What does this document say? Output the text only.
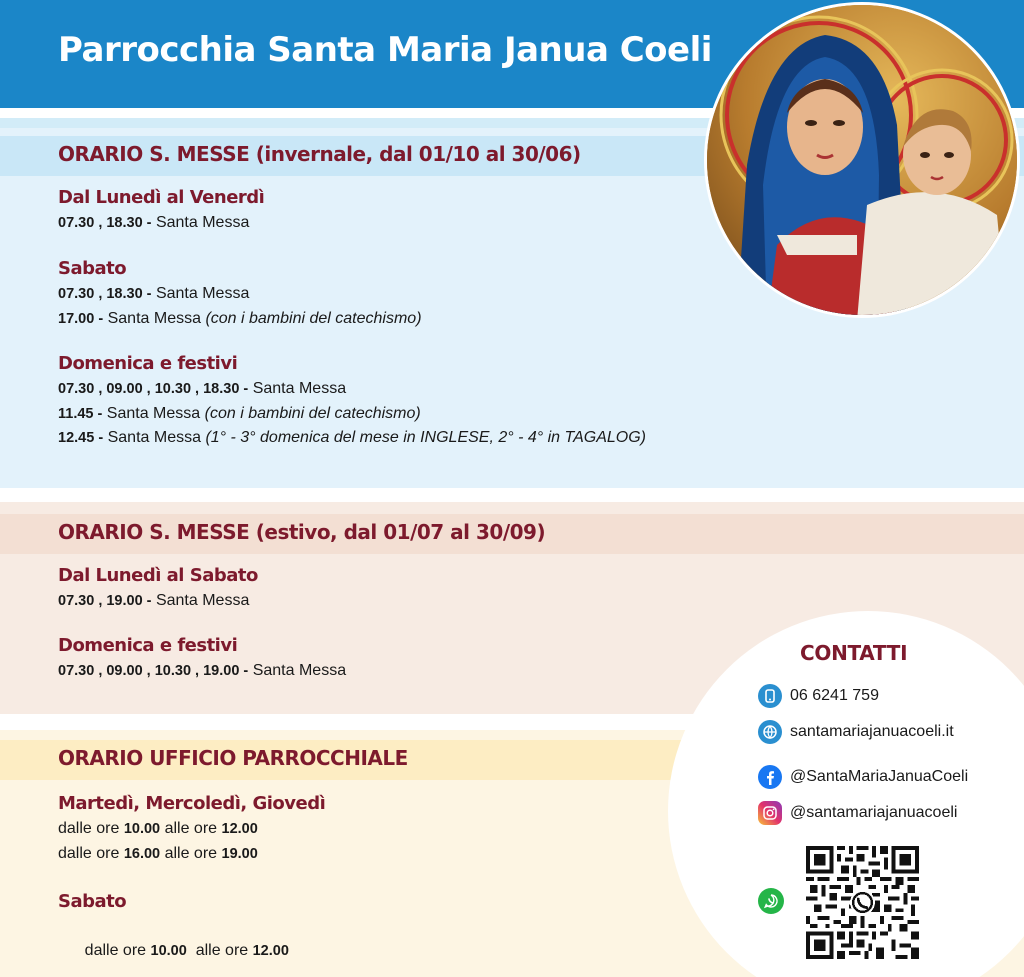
Parrocchia Santa Maria Janua Coeli
ORARIO S. MESSE (invernale, dal 01/10 al 30/06)
Dal Lunedì al Venerdì
07.30 , 18.30 - Santa Messa
Sabato
07.30 , 18.30 - Santa Messa
17.00 - Santa Messa (con i bambini del catechismo)
Domenica e festivi
07.30 , 09.00 , 10.30 , 18.30 - Santa Messa
11.45 - Santa Messa (con i bambini del catechismo)
12.45 - Santa Messa (1° - 3° domenica del mese in INGLESE, 2° - 4° in TAGALOG)
ORARIO S. MESSE (estivo, dal 01/07 al 30/09)
Dal Lunedì al Sabato
07.30 , 19.00 - Santa Messa
Domenica e festivi
07.30 , 09.00 , 10.30 , 19.00 - Santa Messa
ORARIO UFFICIO PARROCCHIALE
Martedì, Mercoledì, Giovedì
dalle ore 10.00 alle ore 12.00
dalle ore 16.00 alle ore 19.00
Sabato

dalle ore 10.00  alle ore 12.00

CONTATTI
06 6241 759
santamariajanuacoeli.it
@SantaMariaJanuaCoeli
@santamariajanuacoeli
